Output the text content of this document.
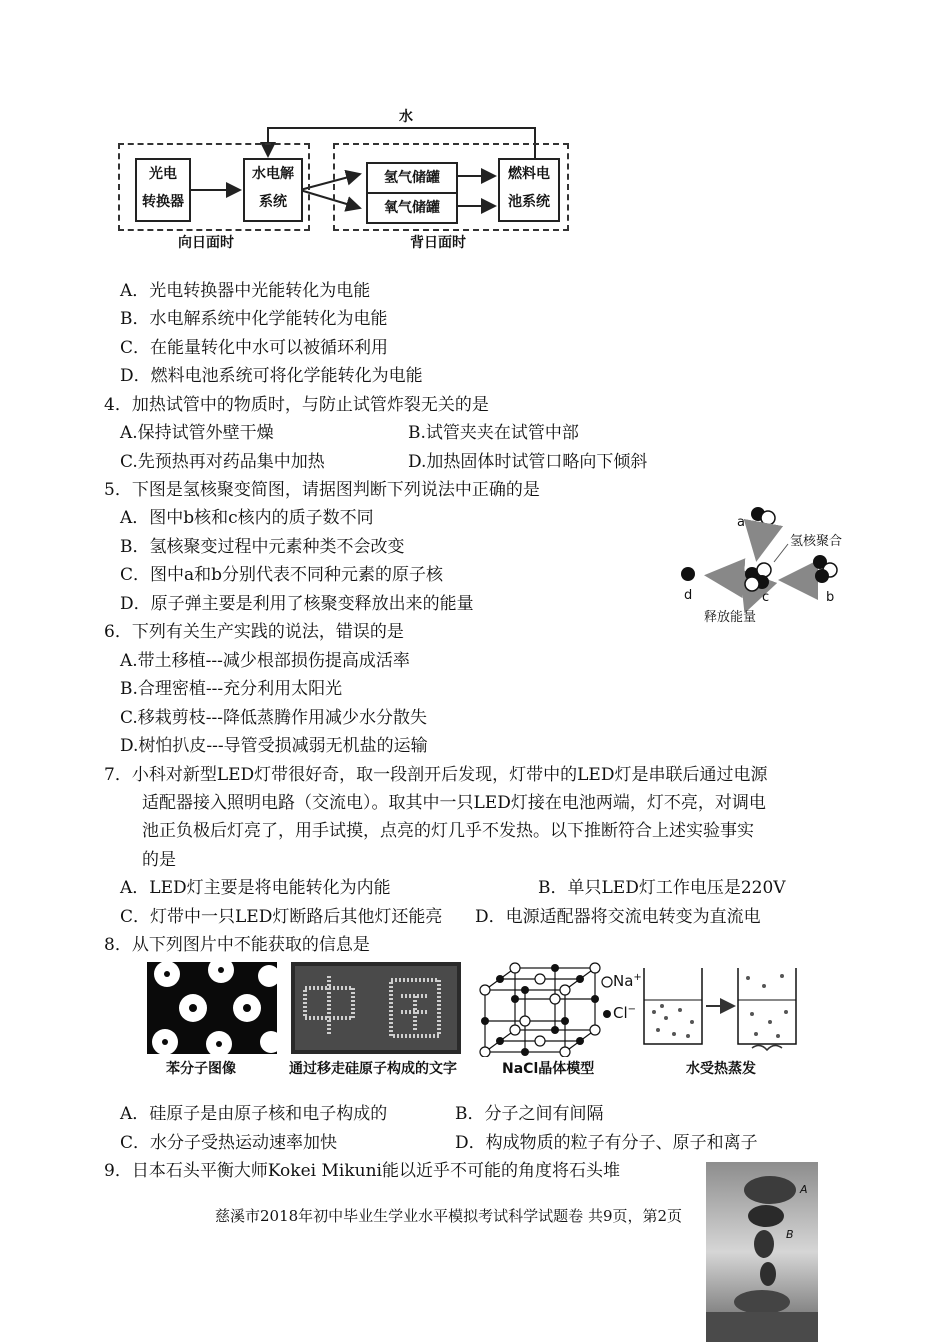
水
光电
转换器
水电解
系统
氢气储罐
氧气储罐
燃料电
池系统
向日面时	背日面时
A．光电转换器中光能转化为电能
B．水电解系统中化学能转化为电能
C．在能量转化中水可以被循环利用
D．燃料电池系统可将化学能转化为电能
4．加热试管中的物质时，与防止试管炸裂无关的是
A.保持试管外壁干燥	B.试管夹夹在试管中部
C.先预热再对药品集中加热	D.加热固体时试管口略向下倾斜
5．下图是氢核聚变简图，请据图判断下列说法中正确的是
A．图中b核和c核内的质子数不同
B．氢核聚变过程中元素种类不会改变
C．图中a和b分别代表不同种元素的原子核
D．原子弹主要是利用了核聚变释放出来的能量
a
氢核聚合
d	c	b
释放能量
6．下列有关生产实践的说法，错误的是
A.带土移植---减少根部损伤提高成活率
B.合理密植---充分利用太阳光
C.移栽剪枝---降低蒸腾作用减少水分散失
D.树怕扒皮---导管受损减弱无机盐的运输
7．小科对新型LED灯带很好奇，取一段剖开后发现，灯带中的LED灯是串联后通过电源
适配器接入照明电路（交流电）。取其中一只LED灯接在电池两端，灯不亮，对调电
池正负极后灯亮了，用手试摸，点亮的灯几乎不发热。以下推断符合上述实验事实
的是
A．LED灯主要是将电能转化为内能	B．单只LED灯工作电压是220V
C．灯带中一只LED灯断路后其他灯还能亮 D．电源适配器将交流电转变为直流电
8．从下列图片中不能获取的信息是
Na+
Cl−
苯分子图像	通过移走硅原子构成的文字	NaCl晶体模型	水受热蒸发
A．硅原子是由原子核和电子构成的	B．分子之间有间隔
C．水分子受热运动速率加快	D．构成物质的粒子有分子、原子和离子
9．日本石头平衡大师Kokei Mikuni能以近乎不可能的角度将石头堆
A
B
慈溪市2018年初中毕业生学业水平模拟考试科学试题卷 共9页，第2页
